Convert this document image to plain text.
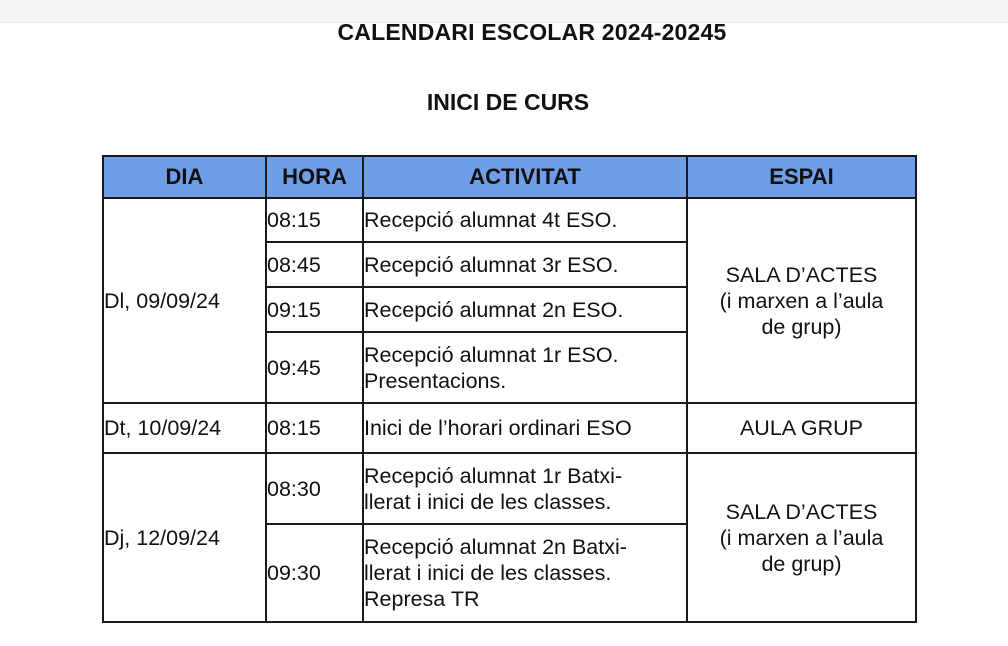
CALENDARI ESCOLAR 2024-20245
INICI DE CURS
DIA	HORA	ACTIVITAT	ESPAI
Dl, 09/09/24	08:15	Recepció alumnat 4t ESO.	SALA D’ACTES
(i marxen a l’aula
de grup)

	08:45	Recepció alumnat 3r ESO.	
	09:15	Recepció alumnat 2n ESO.	
	09:45	Recepció alumnat 1r ESO.
Presentacions.	

Dt, 10/09/24	08:15	Inici de l’horari ordinari ESO	AULA GRUP
Dj, 12/09/24	08:30	Recepció alumnat 1r Batxi-
llerat i inici de les classes.	SALA D’ACTES
(i marxen a l’aula
de grup)

	09:30	Recepció alumnat 2n Batxi-
llerat i inici de les classes.
Represa TR	
